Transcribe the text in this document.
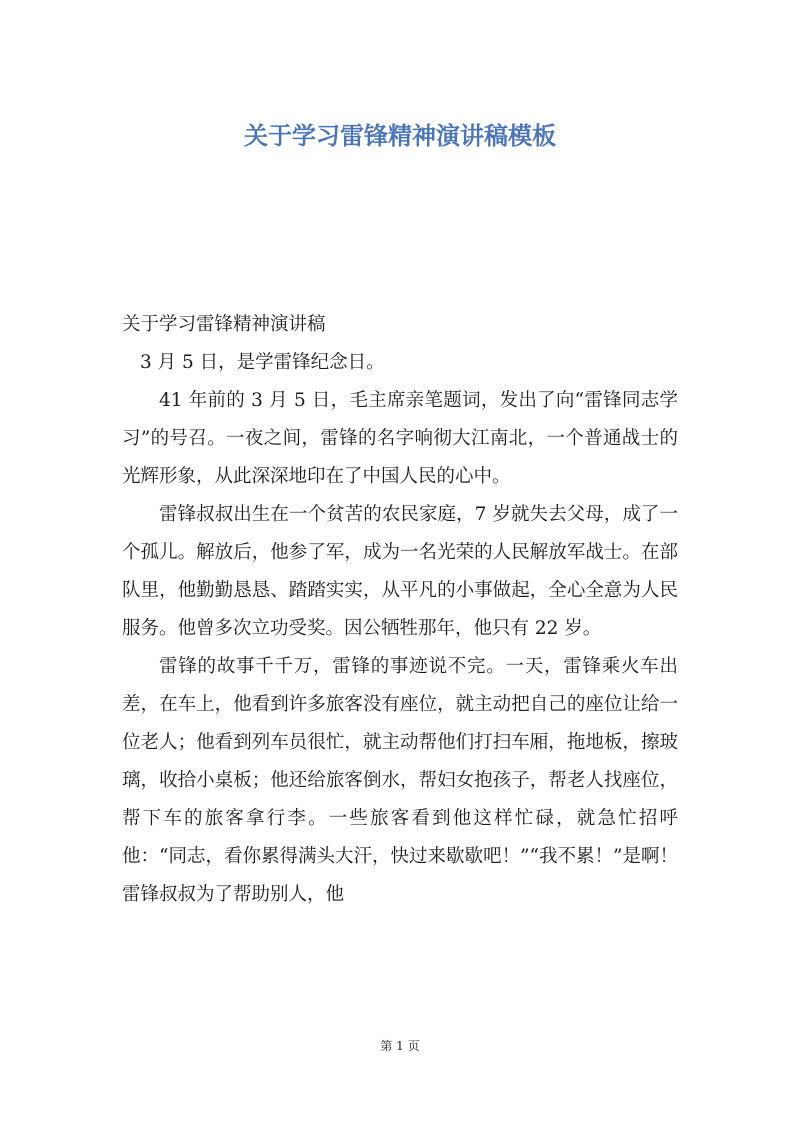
关于学习雷锋精神演讲稿模板

关于学习雷锋精神演讲稿

3 月 5 日，是学雷锋纪念日。

41 年前的 3 月 5 日，毛主席亲笔题词，发出了向“雷锋同志学习”的号召。一夜之间，雷锋的名字响彻大江南北，一个普通战士的光辉形象，从此深深地印在了中国人民的心中。

雷锋叔叔出生在一个贫苦的农民家庭，7 岁就失去父母，成了一个孤儿。解放后，他参了军，成为一名光荣的人民解放军战士。在部队里，他勤勤恳恳、踏踏实实，从平凡的小事做起，全心全意为人民服务。他曾多次立功受奖。因公牺牲那年，他只有 22 岁。

雷锋的故事千千万，雷锋的事迹说不完。一天，雷锋乘火车出差，在车上，他看到许多旅客没有座位，就主动把自己的座位让给一位老人；他看到列车员很忙，就主动帮他们打扫车厢，拖地板，擦玻璃，收拾小桌板；他还给旅客倒水，帮妇女抱孩子，帮老人找座位，帮下车的旅客拿行李。一些旅客看到他这样忙碌，就急忙招呼他：“同志，看你累得满头大汗，快过来歇歇吧！”“我不累！”是啊！雷锋叔叔为了帮助别人，他

第 1 页
